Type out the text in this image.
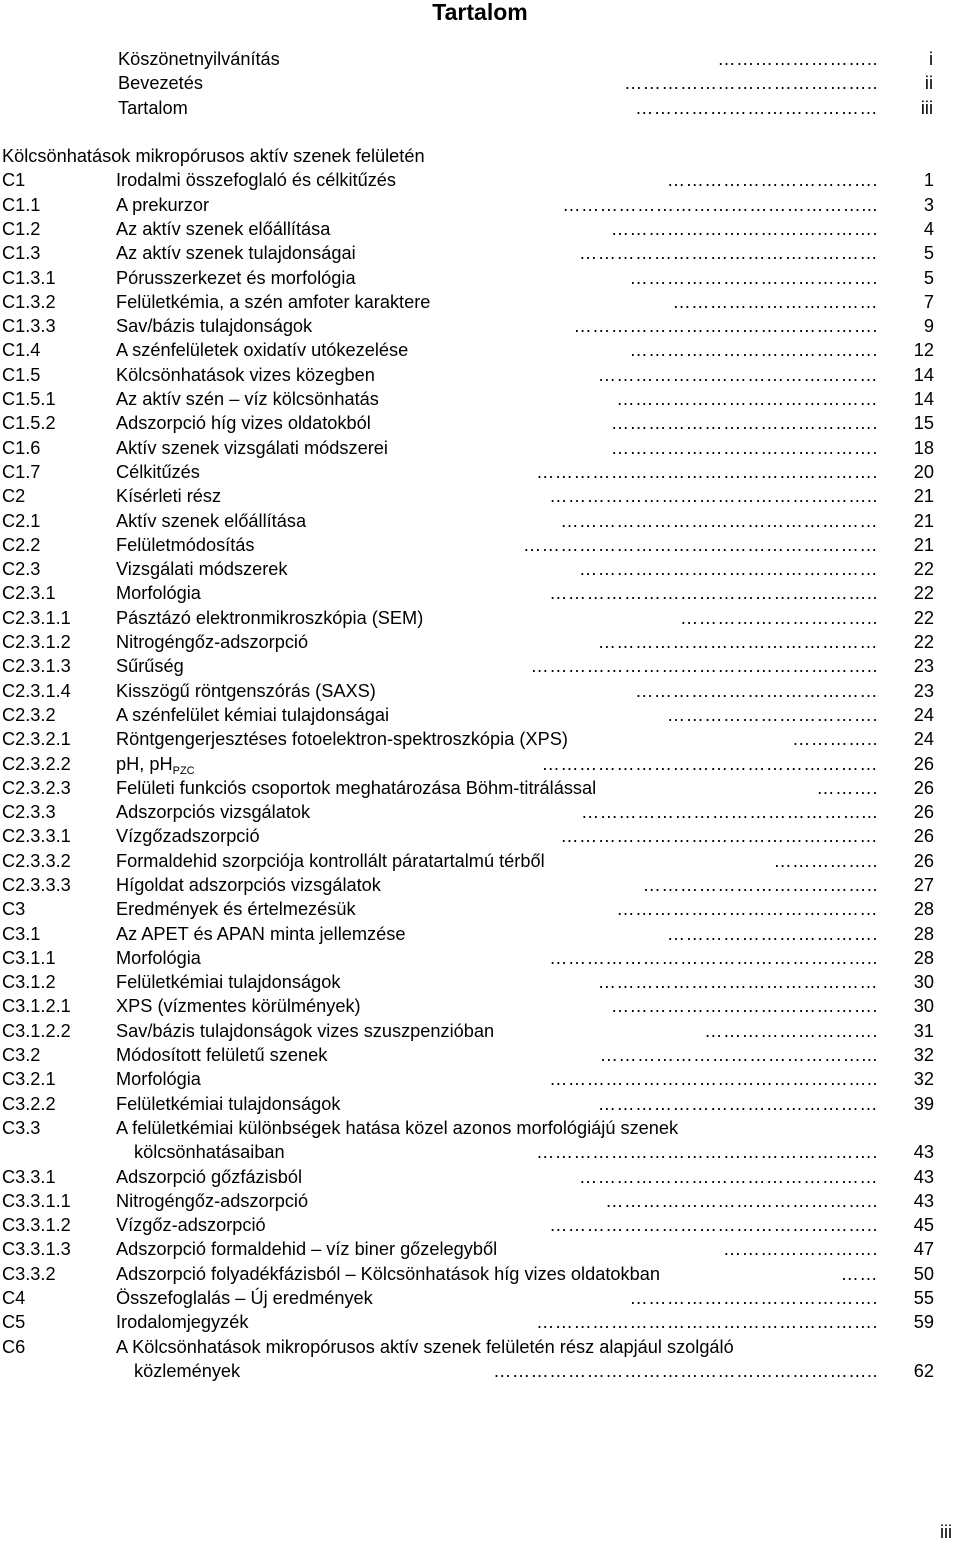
Tartalom
Köszönetnyilvánítás	……………………..	i
Bevezetés	…………………………………..	ii
Tartalom	………………………………… iii
Kölcsönhatások mikropórusos aktív szenek felületén
C1	Irodalmi összefoglaló és célkitűzés	…………………………….	1
C1.1	A prekurzor	…………………………………………...	3
C1.2	Az aktív szenek előállítása	…………………………………….	4
C1.3	Az aktív szenek tulajdonságai	…………………………………………	5
C1.3.1	Pórusszerkezet és morfológia	………………………………….	5
C1.3.2	Felületkémia, a szén amfoter karaktere	……………………………	7
C1.3.3	Sav/bázis tulajdonságok	………………………………………….	9
C1.4	A szénfelületek oxidatív utókezelése	…………………………………. 12
C1.5	Kölcsönhatások vizes közegben	……………………………………… 14
C1.5.1	Az aktív szén – víz kölcsönhatás	…………………………………… 14
C1.5.2	Adszorpció híg vizes oldatokból	……………………………………. 15
C1.6	Aktív szenek vizsgálati módszerei	……………………………………. 18
C1.7	Célkitűzés	………………………………………………. 20
C2	Kísérleti rész	…………………………………………….. 21
C2.1	Aktív szenek előállítása	…………………………………………… 21
C2.2	Felületmódosítás	………………………………………………… 21
C2.3	Vizsgálati módszerek	………………………………………… 22
C2.3.1	Morfológia	…………………………………………….. 22
C2.3.1.1 Pásztázó elektronmikroszkópia (SEM)	………………………….. 22
C2.3.1.2 Nitrogéngőz-adszorpció	……………………………………… 22
C2.3.1.3 Sűrűség	……………………………………………….. 23
C2.3.1.4 Kisszögű röntgenszórás (SAXS)	………………………………… 23
C2.3.2	A szénfelület kémiai tulajdonságai	……………………………. 24
C2.3.2.1 Röntgengerjesztéses fotoelektron-spektroszkópia (XPS)	………….. 24
C2.3.2.2 pH, $pH_{PZC}$	……………………………………………… 26
C2.3.2.3 Felületi funkciós csoportok meghatározása Böhm-titrálással	………. 26
C2.3.3	Adszorpciós vizsgálatok	………………………………………... 26
C2.3.3.1 Vízgőzadszorpció	…………………………………………… 26
C2.3.3.2 Formaldehid szorpciója kontrollált páratartalmú térből	…………….. 26
C2.3.3.3 Hígoldat adszorpciós vizsgálatok	……………………………….. 27
C3	Eredmények és értelmezésük	…………………………………… 28
C3.1	Az APET és APAN minta jellemzése	……………………………. 28
C3.1.1	Morfológia	…………………………………………….. 28
C3.1.2	Felületkémiai tulajdonságok	……………………………………… 30
C3.1.2.1 XPS (vízmentes körülmények)	……………………………………. 30
C3.1.2.2 Sav/bázis tulajdonságok vizes szuszpenzióban	………………………. 31
C3.2	Módosított felületű szenek	……………………………………... 32
C3.2.1	Morfológia	…………………………………………….. 32
C3.2.2	Felületkémiai tulajdonságok	……………………………………… 39
C3.3	A felületkémiai különbségek hatása közel azonos morfológiájú szenek
kölcsönhatásaiban	………………………………………………. 43
C3.3.1	Adszorpció gőzfázisból	………………………………………… 43
C3.3.1.1 Nitrogéngőz-adszorpció	…………………………………….. 43
C3.3.1.2 Vízgőz-adszorpció	…………………………………………….. 45
C3.3.1.3 Adszorpció formaldehid – víz biner gőzelegyből	……………………. 47
C3.3.2	Adszorpció folyadékfázisból – Kölcsönhatások híg vizes oldatokban	…… 50
C4	Összefoglalás – Új eredmények	…………………………………. 55
C5	Irodalomjegyzék	………………………………………………. 59
C6	A Kölcsönhatások mikropórusos aktív szenek felületén rész alapjául szolgáló
közlemények	…………………………………………………….. 62
iii
